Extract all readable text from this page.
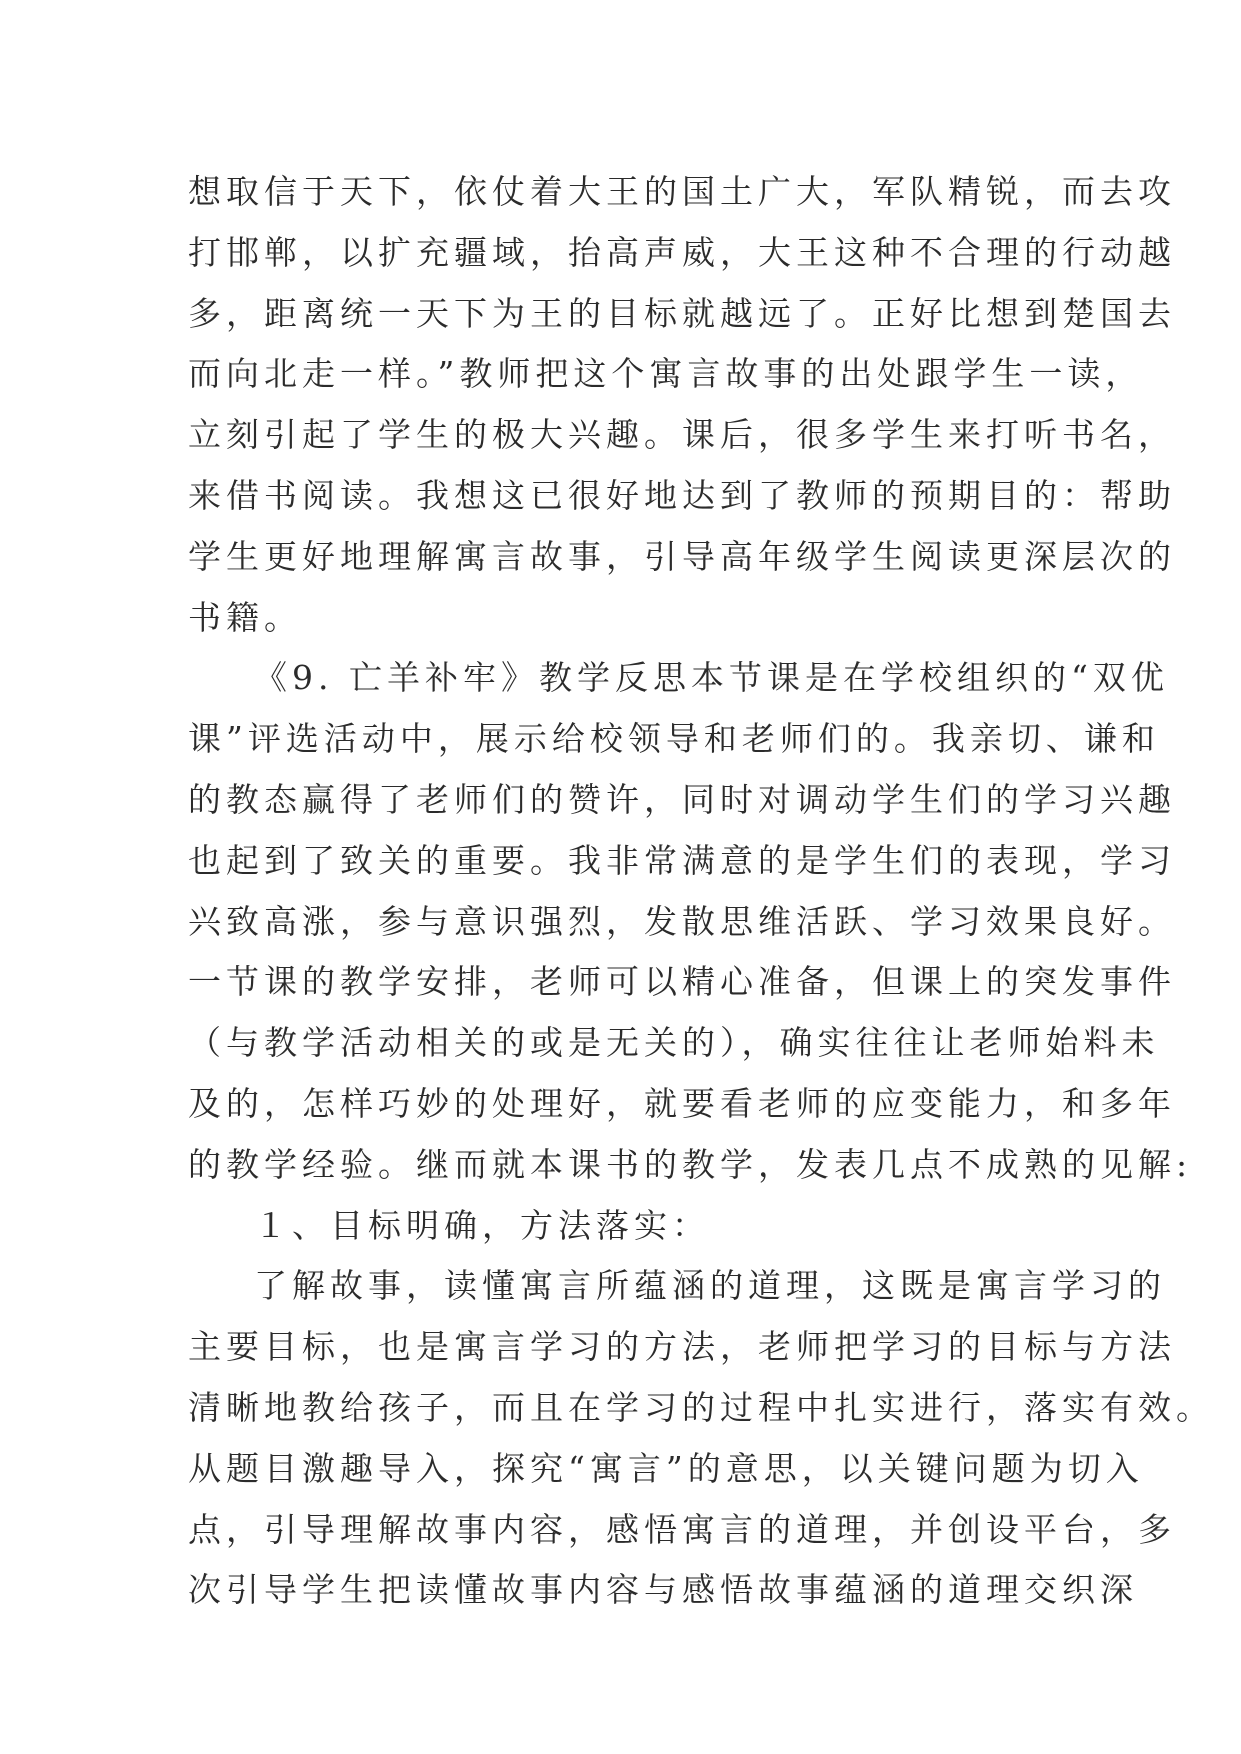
想取信于天下，依仗着大王的国土广大，军队精锐，而去攻
打邯郸，以扩充疆域，抬高声威，大王这种不合理的行动越
多，距离统一天下为王的目标就越远了。正好比想到楚国去
而向北走一样。”教师把这个寓言故事的出处跟学生一读，
立刻引起了学生的极大兴趣。课后，很多学生来打听书名，
来借书阅读。我想这已很好地达到了教师的预期目的：帮助
学生更好地理解寓言故事，引导高年级学生阅读更深层次的
书籍。
《9. 亡羊补牢》教学反思本节课是在学校组织的“双优
课”评选活动中，展示给校领导和老师们的。我亲切、谦和
的教态赢得了老师们的赞许，同时对调动学生们的学习兴趣
也起到了致关的重要。我非常满意的是学生们的表现，学习
兴致高涨，参与意识强烈，发散思维活跃、学习效果良好。
一节课的教学安排，老师可以精心准备，但课上的突发事件
（与教学活动相关的或是无关的），确实往往让老师始料未
及的，怎样巧妙的处理好，就要看老师的应变能力，和多年
的教学经验。继而就本课书的教学，发表几点不成熟的见解:
１、目标明确，方法落实：
了解故事，读懂寓言所蕴涵的道理，这既是寓言学习的
主要目标，也是寓言学习的方法，老师把学习的目标与方法
清晰地教给孩子，而且在学习的过程中扎实进行，落实有效。
从题目激趣导入，探究“寓言”的意思，以关键问题为切入
点，引导理解故事内容，感悟寓言的道理，并创设平台，多
次引导学生把读懂故事内容与感悟故事蕴涵的道理交织深
